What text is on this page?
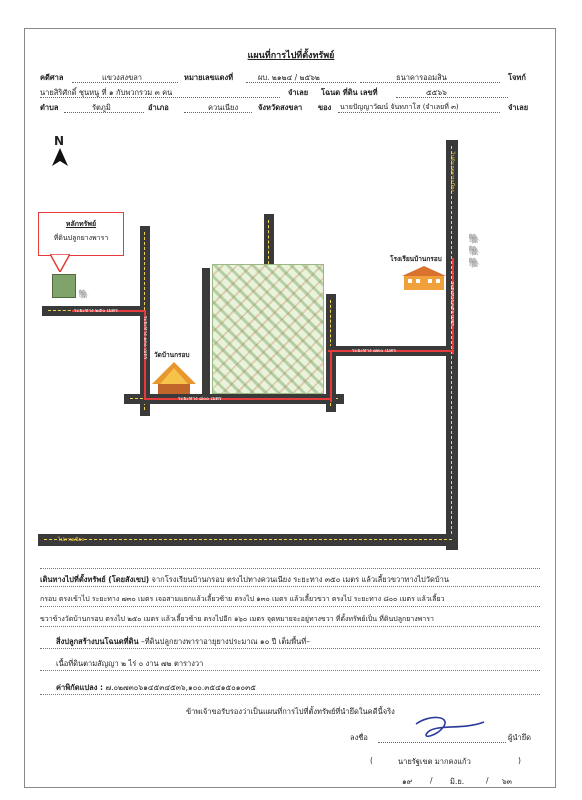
แผนที่การไปที่ตั้งทรัพย์
คดีศาล	แขวงสงขลา	หมายเลขแดงที่	ผบ. ๒๑๒๔ / ๒๕๖๒	ธนาคารออมสิน	โจทก์
นายสิริศักดิ์ ชุนหนู ที่ ๑ กับพวกรวม ๓ คน	จำเลย โฉนด ที่ดิน เลขที่	๕๕๖๖
ตำบล	รัตภูมิ	อำเภอ	ควนเนียง	จังหวัดสงขลา ของ นายปัญญาวัฒน์ จันทภาโส (จำเลยที่ ๓)	จำเลย
N
หลักทรัพย์
ที่ดินปลูกยางพารา
🐘
วัดบ้านกรอบ
โรงเรียนบ้านกรอบ
🐘
🐘
🐘
ระยะทาง ๒๕๐ เมตร
ระยะทาง ๑๓๐ เมตร
ระยะทาง ๘๐๐ เมตร
ระยะทาง ๗๓๐ เมตร
ระยะทาง ๓๕๐ เมตร
ไปอำเภอควนเนียง
ไปควนเนียง
เดินทางไปที่ตั้งทรัพย์ (โดยสังเขป) จากโรงเรียนบ้านกรอบ ตรงไปทางควนเนียง ระยะทาง ๓๕๐ เมตร แล้วเลี้ยวขวาทางไปวัดบ้าน
กรอบ ตรงเข้าไป ระยะทาง ๗๓๐ เมตร เจอสามแยกแล้วเลี้ยวซ้าย ตรงไป ๑๓๐ เมตร แล้วเลี้ยวขวา ตรงไป ระยะทาง ๘๐๐ เมตร แล้วเลี้ยว
ขวาข้างวัดบ้านกรอบ ตรงไป ๒๕๐ เมตร แล้วเลี้ยวซ้าย ตรงไปอีก ๑๖๐ เมตร จุดหมายจะอยู่ทางขวา ที่ตั้งทรัพย์เป็น ที่ดินปลูกยางพารา
สิ่งปลูกสร้างบนโฉนดที่ดิน –ที่ดินปลูกยางพาราอายุยางประมาณ ๑๐ ปี เต็มพื้นที่–
เนื้อที่ดินตามสัญญา ๒ ไร่ ๐ งาน ๗๒ ตารางวา
ค่าพิกัดแปลง : ๗.๐๒๗๓๐๖๑๔๕๓๔๕๓๖,๑๐๐.๓๕๔๑๕๐๑๐๓๕
ข้าพเจ้าขอรับรองว่าเป็นแผนที่การไปที่ตั้งทรัพย์ที่นำยึดในคดีนี้จริง
ลงชื่อ	ผู้นำยึด
(	นายรัฐเขต มากคงแก้ว	)
๑๙ / มิ.ย.	/ ๖๓
